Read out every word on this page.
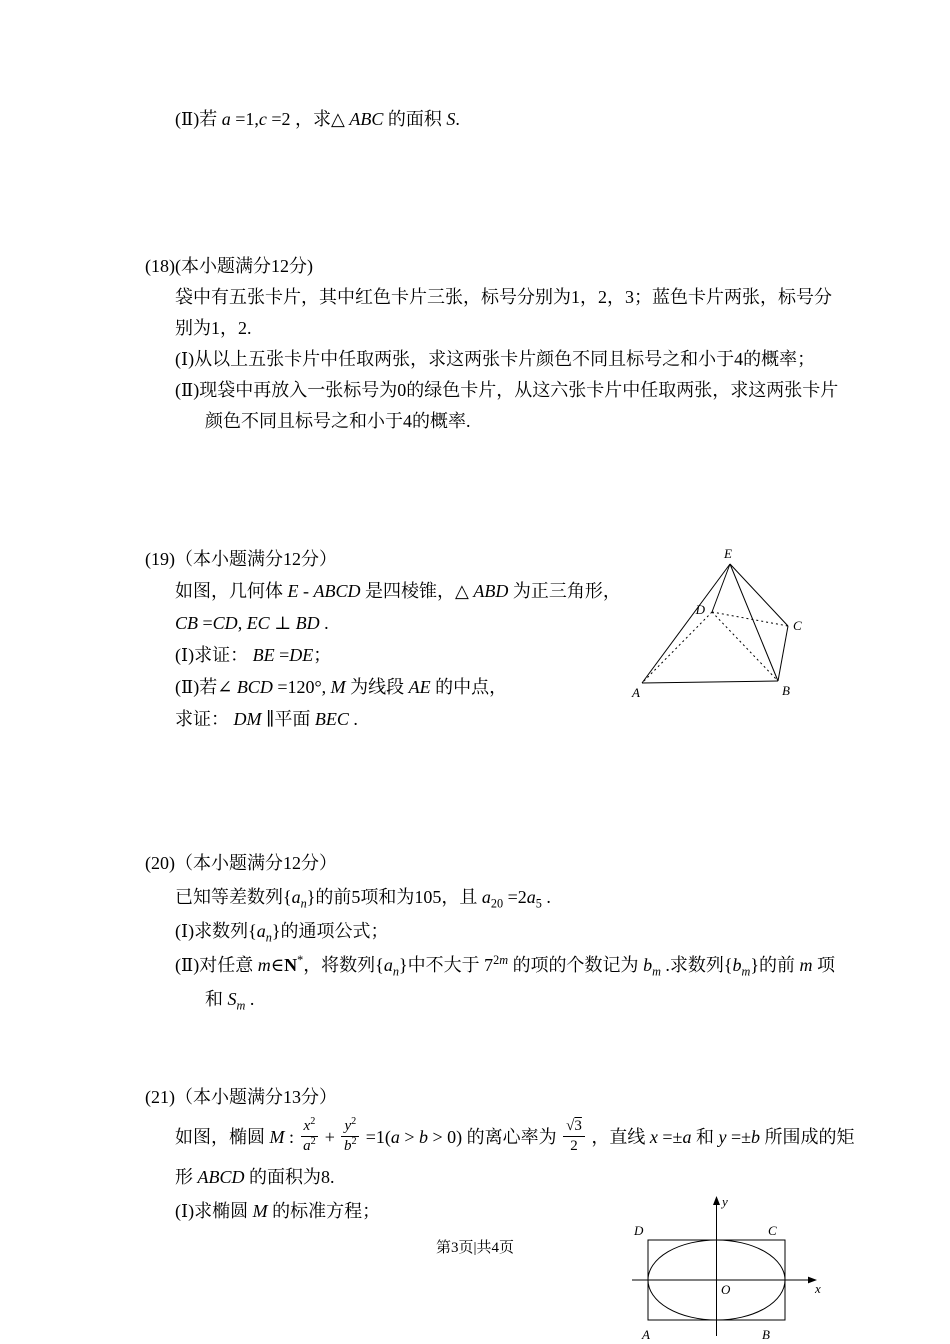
(Ⅱ)若 a =1,c =2 ，求△ ABC 的面积 S.
(18)(本小题满分12分)
袋中有五张卡片，其中红色卡片三张，标号分别为1，2，3；蓝色卡片两张，标号分
别为1，2.
(Ⅰ)从以上五张卡片中任取两张，求这两张卡片颜色不同且标号之和小于4的概率；
(Ⅱ)现袋中再放入一张标号为0的绿色卡片，从这六张卡片中任取两张，求这两张卡片
颜色不同且标号之和小于4的概率.
(19)（本小题满分12分）
如图，几何体 E - ABCD 是四棱锥，△ ABD 为正三角形，
CB =CD, EC ⊥ BD .
(Ⅰ)求证： BE =DE；
(Ⅱ)若∠ BCD =120°, M 为线段 AE 的中点，
求证： DM ∥平面 BEC .
E
D
C
A	B
(20)（本小题满分12分）
已知等差数列$\{a_n\}$的前5项和为105，且 $a_{20} =2a_5$ .
(Ⅰ)求数列$\{a_n\}$的通项公式；
(Ⅱ)对任意 m∈N*，将数列$\{a_n\}$中不大于 $7^{2m}$ 的项的个数记为 $b_m$ .求数列$\{b_m\}$的前 m 项
和 $S_m$ .
(21)（本小题满分13分）
如图，椭圆 M : $\frac{x^2}{a^2} + \frac{y^2}{b^2} =1(a > b > 0)$ 的离心率为 $\frac{√3}{2}$ ，直线 x =±a 和 y =±b 所围成的矩
形 ABCD 的面积为8.
(Ⅰ)求椭圆 M 的标准方程；	y
x
O
D	C
A	B
第3页|共4页
